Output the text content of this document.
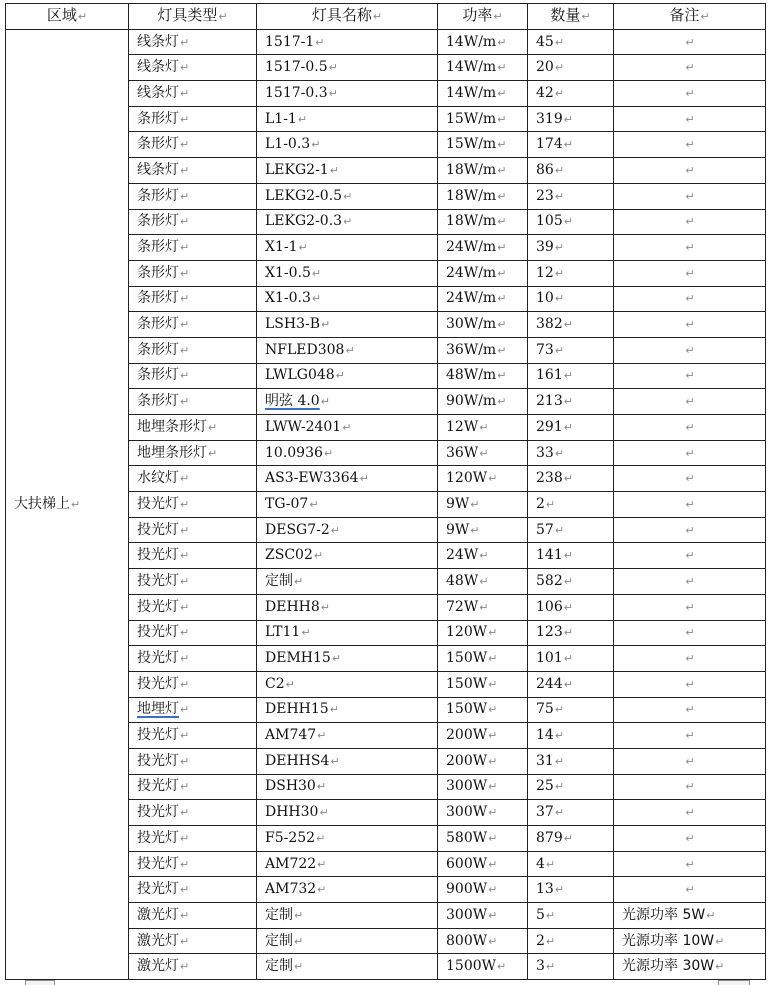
区域↵	灯具类型↵	灯具名称↵	功率↵	数量↵	备注↵
大扶梯上↵	线条灯↵	1517-1↵	14W/m↵	45↵	↵
	线条灯↵	1517-0.5↵	14W/m↵	20↵	↵
	线条灯↵	1517-0.3↵	14W/m↵	42↵	↵
	条形灯↵	L1-1↵	15W/m↵	319↵	↵
	条形灯↵	L1-0.3↵	15W/m↵	174↵	↵
	线条灯↵	LEKG2-1↵	18W/m↵	86↵	↵
	条形灯↵	LEKG2-0.5↵	18W/m↵	23↵	↵
	条形灯↵	LEKG2-0.3↵	18W/m↵	105↵	↵
	条形灯↵	X1-1↵	24W/m↵	39↵	↵
	条形灯↵	X1-0.5↵	24W/m↵	12↵	↵
	条形灯↵	X1-0.3↵	24W/m↵	10↵	↵
	条形灯↵	LSH3-B↵	30W/m↵	382↵	↵
	条形灯↵	NFLED308↵	36W/m↵	73↵	↵
	条形灯↵	LWLG048↵	48W/m↵	161↵	↵
	条形灯↵	明弦 4.0↵	90W/m↵	213↵	↵
	地埋条形灯↵	LWW-2401↵	12W↵	291↵	↵
	地埋条形灯↵	10.0936↵	36W↵	33↵	↵
	水纹灯↵	AS3-EW3364↵	120W↵	238↵	↵
	投光灯↵	TG-07↵	9W↵	2↵	↵
	投光灯↵	DESG7-2↵	9W↵	57↵	↵
	投光灯↵	ZSC02↵	24W↵	141↵	↵
	投光灯↵	定制↵	48W↵	582↵	↵
	投光灯↵	DEHH8↵	72W↵	106↵	↵
	投光灯↵	LT11↵	120W↵	123↵	↵
	投光灯↵	DEMH15↵	150W↵	101↵	↵
	投光灯↵	C2↵	150W↵	244↵	↵
	地埋灯↵	DEHH15↵	150W↵	75↵	↵
	投光灯↵	AM747↵	200W↵	14↵	↵
	投光灯↵	DEHHS4↵	200W↵	31↵	↵
	投光灯↵	DSH30↵	300W↵	25↵	↵
	投光灯↵	DHH30↵	300W↵	37↵	↵
	投光灯↵	F5-252↵	580W↵	879↵	↵
	投光灯↵	AM722↵	600W↵	4↵	↵
	投光灯↵	AM732↵	900W↵	13↵	↵
	激光灯↵	定制↵	300W↵	5↵	光源功率 5W↵
	激光灯↵	定制↵	800W↵	2↵	光源功率 10W↵
	激光灯↵	定制↵	1500W↵	3↵	光源功率 30W↵
